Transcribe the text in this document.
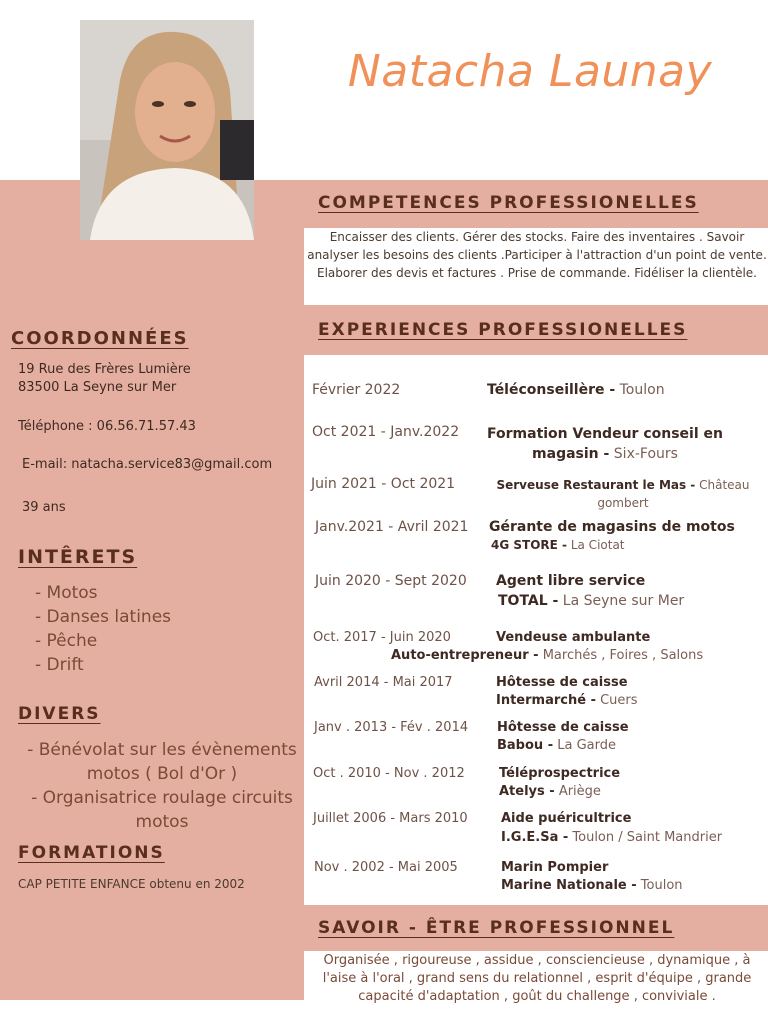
Natacha Launay
COMPETENCES PROFESSIONELLES
Encaisser des clients. Gérer des stocks. Faire des inventaires . Savoir analyser les besoins des clients .Participer à l'attraction d'un point de vente. Elaborer des devis et factures . Prise de commande. Fidéliser la clientèle.
EXPERIENCES PROFESSIONELLES
COORDONNÉES
19 Rue des Frères Lumière
83500 La Seyne sur Mer
Téléphone : 06.56.71.57.43
E-mail: natacha.service83@gmail.com
39 ans
INTÊRETS
- Motos
- Danses latines
- Pêche
- Drift
DIVERS
- Bénévolat sur les évènements motos ( Bol d'Or )
- Organisatrice roulage circuits motos
FORMATIONS
CAP PETITE ENFANCE obtenu en 2002
Février 2022	Téléconseillère - Toulon
Oct 2021 - Janv.2022	Formation Vendeur conseil en magasin - Six-Fours
Juin 2021 - Oct 2021	Serveuse Restaurant le Mas - Château gombert
Janv.2021 - Avril 2021 Gérante de magasins de motos
4G STORE - La Ciotat
Juin 2020 - Sept 2020 Agent libre service
TOTAL - La Seyne sur Mer
Oct. 2017 - Juin 2020	Vendeuse ambulante
Auto-entrepreneur - Marchés , Foires , Salons
Avril 2014 - Mai 2017	Hôtesse de caisse
Intermarché - Cuers
Janv . 2013 - Fév . 2014 Hôtesse de caisse
Babou - La Garde
Oct . 2010 - Nov . 2012	Téléprospectrice
Atelys - Ariège
Juillet 2006 - Mars 2010	Aide puéricultrice
I.G.E.Sa - Toulon / Saint Mandrier
Nov . 2002 - Mai 2005	Marin Pompier
Marine Nationale - Toulon
SAVOIR - ÊTRE PROFESSIONNEL
Organisée , rigoureuse , assidue , consciencieuse , dynamique , à l'aise à l'oral , grand sens du relationnel , esprit d'équipe , grande capacité d'adaptation , goût du challenge , conviviale .
